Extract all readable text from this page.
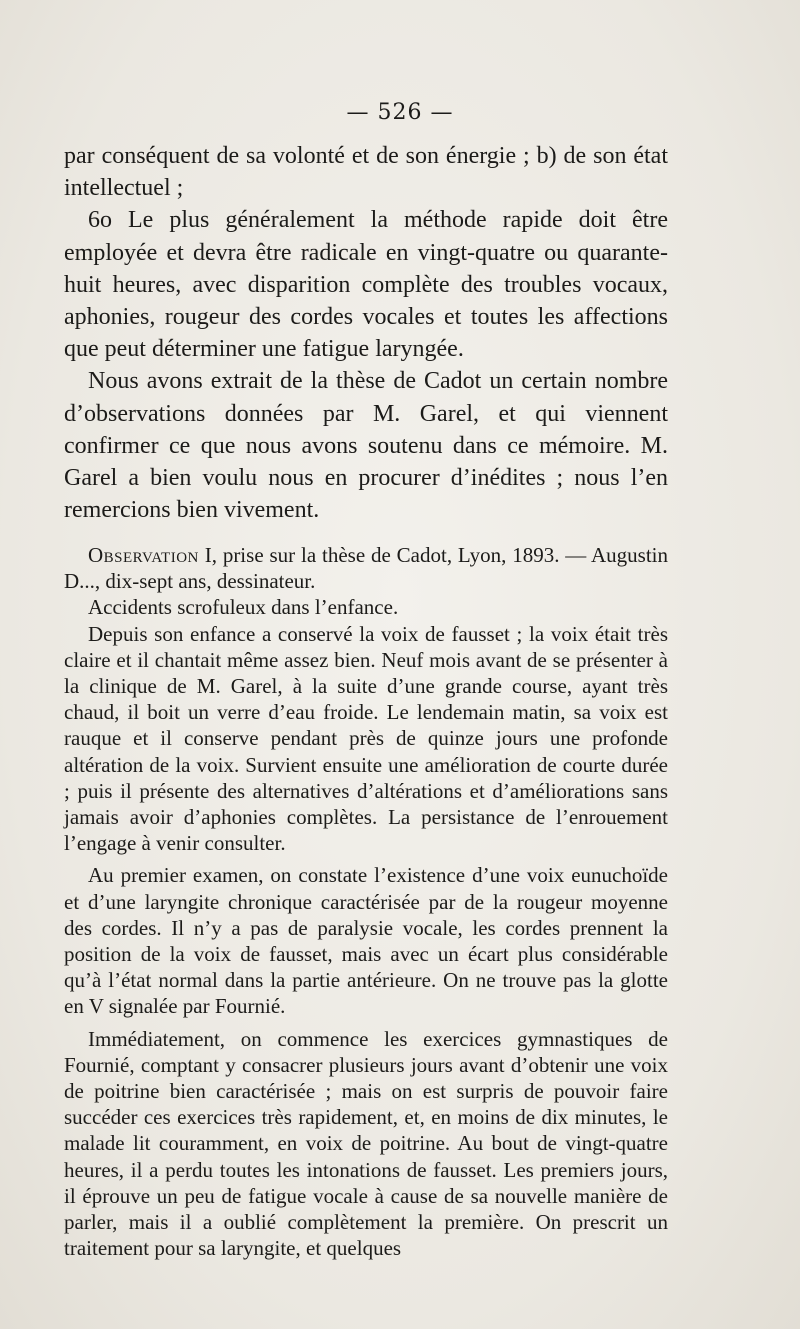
— 526 —

par conséquent de sa volonté et de son énergie ; b) de son état intellectuel ;

6o Le plus généralement la méthode rapide doit être employée et devra être radicale en vingt-quatre ou quarante-huit heures, avec disparition complète des troubles vocaux, aphonies, rougeur des cordes vocales et toutes les affections que peut déterminer une fatigue laryngée.

Nous avons extrait de la thèse de Cadot un certain nombre d’observations données par M. Garel, et qui viennent confirmer ce que nous avons soutenu dans ce mémoire. M. Garel a bien voulu nous en procurer d’inédites ; nous l’en remercions bien vivement.

Observation I, prise sur la thèse de Cadot, Lyon, 1893. — Augustin D..., dix-sept ans, dessinateur.

Accidents scrofuleux dans l’enfance.

Depuis son enfance a conservé la voix de fausset ; la voix était très claire et il chantait même assez bien. Neuf mois avant de se présenter à la clinique de M. Garel, à la suite d’une grande course, ayant très chaud, il boit un verre d’eau froide. Le lendemain matin, sa voix est rauque et il conserve pendant près de quinze jours une profonde altération de la voix. Survient ensuite une amélioration de courte durée ; puis il présente des alternatives d’altérations et d’améliorations sans jamais avoir d’aphonies complètes. La persistance de l’enrouement l’engage à venir consulter.

Au premier examen, on constate l’existence d’une voix eunuchoïde et d’une laryngite chronique caractérisée par de la rougeur moyenne des cordes. Il n’y a pas de paralysie vocale, les cordes prennent la position de la voix de fausset, mais avec un écart plus considérable qu’à l’état normal dans la partie antérieure. On ne trouve pas la glotte en V signalée par Fournié.

Immédiatement, on commence les exercices gymnastiques de Fournié, comptant y consacrer plusieurs jours avant d’obtenir une voix de poitrine bien caractérisée ; mais on est surpris de pouvoir faire succéder ces exercices très rapidement, et, en moins de dix minutes, le malade lit couramment, en voix de poitrine. Au bout de vingt-quatre heures, il a perdu toutes les intonations de fausset. Les premiers jours, il éprouve un peu de fatigue vocale à cause de sa nouvelle manière de parler, mais il a oublié complètement la première. On prescrit un traitement pour sa laryngite, et quelques
